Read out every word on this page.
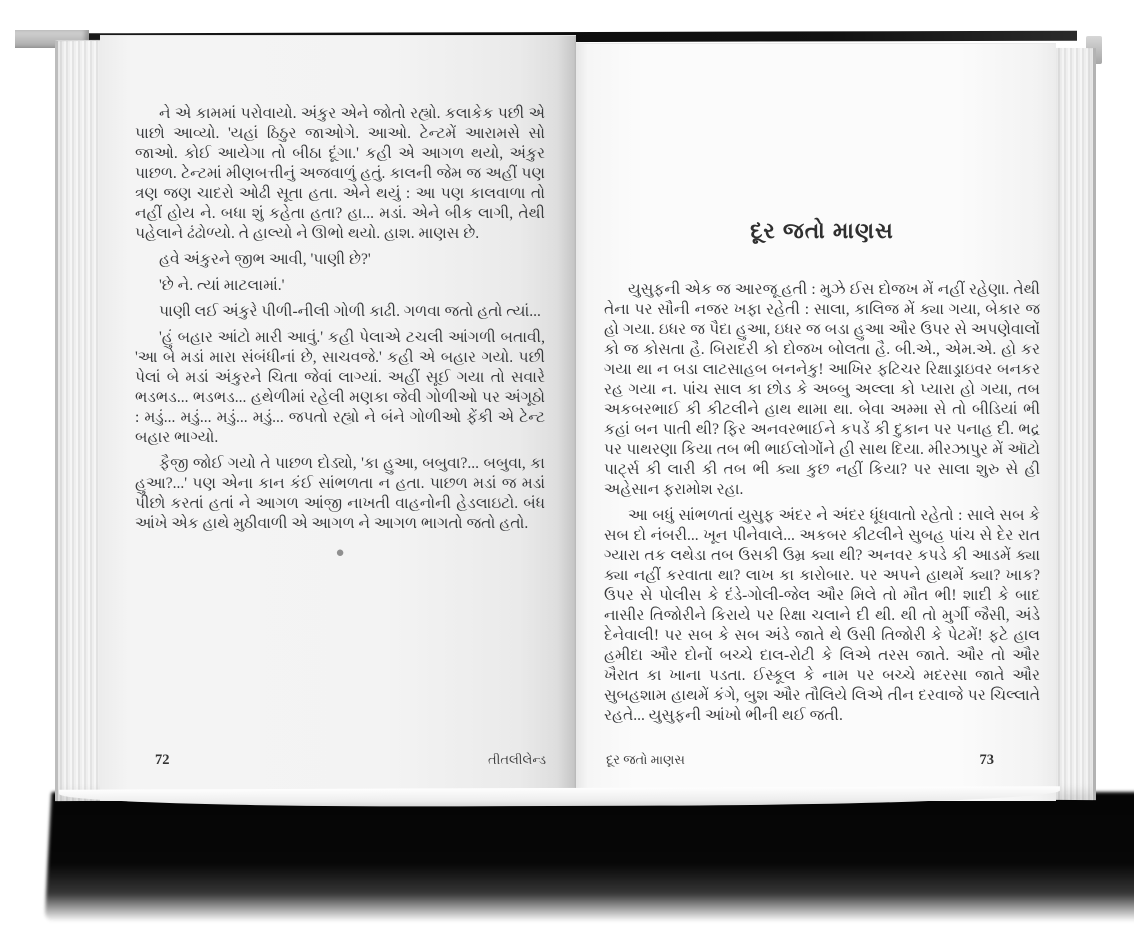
ને એ કામમાં પરોવાયો. અંકુર એને જોતો રહ્યો. કલાકેક પછી એ પાછો આવ્યો. 'યહાં ઠિઠુર જાઓગે. આઓ. ટેન્ટમેં આરામસે સો જાઓ. કોઈ આયેગા તો બીઠા દૂંગા.' કહી એ આગળ થયો, અંકુર પાછળ. ટેન્ટમાં મીણબત્તીનું અજવાળું હતું. કાલની જેમ જ અહીં પણ ત્રણ જણ ચાદરો ઓઢી સૂતા હતા. એને થયું : આ પણ કાલવાળા તો નહીં હોય ને. બધા શું કહેતા હતા? હા... મડાં. એને બીક લાગી, તેથી પહેલાને ઢંઢોળ્યો. તે હાલ્યો ને ઊભો થયો. હાશ. માણસ છે.

હવે અંકુરને જીભ આવી, 'પાણી છે?'

'છે ને. ત્યાં માટલામાં.'

પાણી લઈ અંકુરે પીળી-નીલી ગોળી કાઢી. ગળવા જતો હતો ત્યાં...

'હું બહાર આંટો મારી આવું.' કહી પેલાએ ટચલી આંગળી બતાવી, 'આ બે મડાં મારા સંબંધીનાં છે, સાચવજે.' કહી એ બહાર ગયો. પછી પેલાં બે મડાં અંકુરને ચિતા જેવાં લાગ્યાં. અહીં સૂઈ ગયા તો સવારે ભડભડ... ભડભડ... હથેળીમાં રહેલી મણકા જેવી ગોળીઓ પર અંગૂઠો : મડું... મડું... મડું... મડું... જપતો રહ્યો ને બંને ગોળીઓ ફેંકી એ ટેન્ટ બહાર ભાગ્યો.

ફૈજી જોઈ ગયો તે પાછળ દોડ્યો, 'કા હુઆ, બબુવા?... બબુવા, કા હુઆ?...' પણ એના કાન કંઈ સાંભળતા ન હતા. પાછળ મડાં જ મડાં પીછો કરતાં હતાં ને આગળ આંજી નાખતી વાહનોની હેડલાઇટો. બંધ આંખે એક હાથે મુઠીવાળી એ આગળ ને આગળ ભાગતો જતો હતો.

●
72	તીતલીલેન્ડ
દૂર જતો માણસ

યુસુફની એક જ આરજૂ હતી : મુઝે ઈસ દોજખ મેં નહીં રહેણા. તેથી તેના પર સૌની નજર ખફા રહેતી : સાલા, કાલિજ મેં ક્યા ગયા, બેકાર જ હો ગયા. ઇધર જ પૈદા હુઆ, ઇધર જ બડા હુઆ ઔર ઉપર સે અપણેવાલોં કો જ કોસતા હૈ. બિરાદરી કો દોજખ બોલતા હૈ. બી.એ., એમ.એ. હો કર ગયા થા ન બડા લાટસાહબ બનનેકુ! આખિર ફટિચર રિક્ષાડ્રાઇવર બનકર રહ ગયા ન. પાંચ સાલ કા છોડ કે અબ્બુ અલ્લા કો પ્યારા હો ગયા, તબ અકબરભાઈ કી કીટલીને હાથ થામા થા. બેવા અમ્મા સે તો બીડિયાં ભી કહાં બન પાતી થી? ફિર અનવરભાઈને કપડેં કી દુકાન પર પનાહ દી. ભદ્ર પર પાથરણા કિયા તબ ભી ભાઈલોગોંને હી સાથ દિયા. મીરઝાપુર મેં ઑટો પાર્ટ્સ કી લારી કી તબ ભી ક્યા કુછ નહીં કિયા? પર સાલા શુરુ સે હી અહેસાન ફરામોશ રહા.

આ બધું સાંભળતાં યુસુફ અંદર ને અંદર ધૂંધવાતો રહેતો : સાલે સબ કે સબ દો નંબરી... ખૂન પીનેવાલે... અકબર કીટલીને સુબહ પાંચ સે દેર રાત ગ્યારા તક લથેડા તબ ઉસકી ઉમ્ર ક્યા થી? અનવર કપડે કી આડમેં ક્યા ક્યા નહીં કરવાતા થા? લાખ કા કારોબાર. પર અપને હાથમેં ક્યા? ખાક? ઉપર સે પોલીસ કે દંડે-ગોલી-જેલ ઔર મિલે તો મૌત ભી! શાદી કે બાદ નાસીર તિજોરીને કિરાયે પર રિક્ષા ચલાને દી થી. થી તો મુર્ગી જૈસી, અંડે દેનેવાલી! પર સબ કે સબ અંડે જાતે થે ઉસી તિજોરી કે પેટમેં! ફટે હાલ હમીદા ઔર દોનોં બચ્ચે દાલ-રોટી કે લિએ તરસ જાતે. ઔર તો ઔર ખૈરાત કા ખાના પડતા. ઈસ્કૂલ કે નામ પર બચ્ચે મદરસા જાતે ઔર સુબહશામ હાથમેં કંગે, બુશ ઔર તૌલિયે લિએ તીન દરવાજે પર ચિલ્લાતે રહતે... યુસુફની આંખો ભીની થઈ જતી.

દૂર જતો માણસ	73
